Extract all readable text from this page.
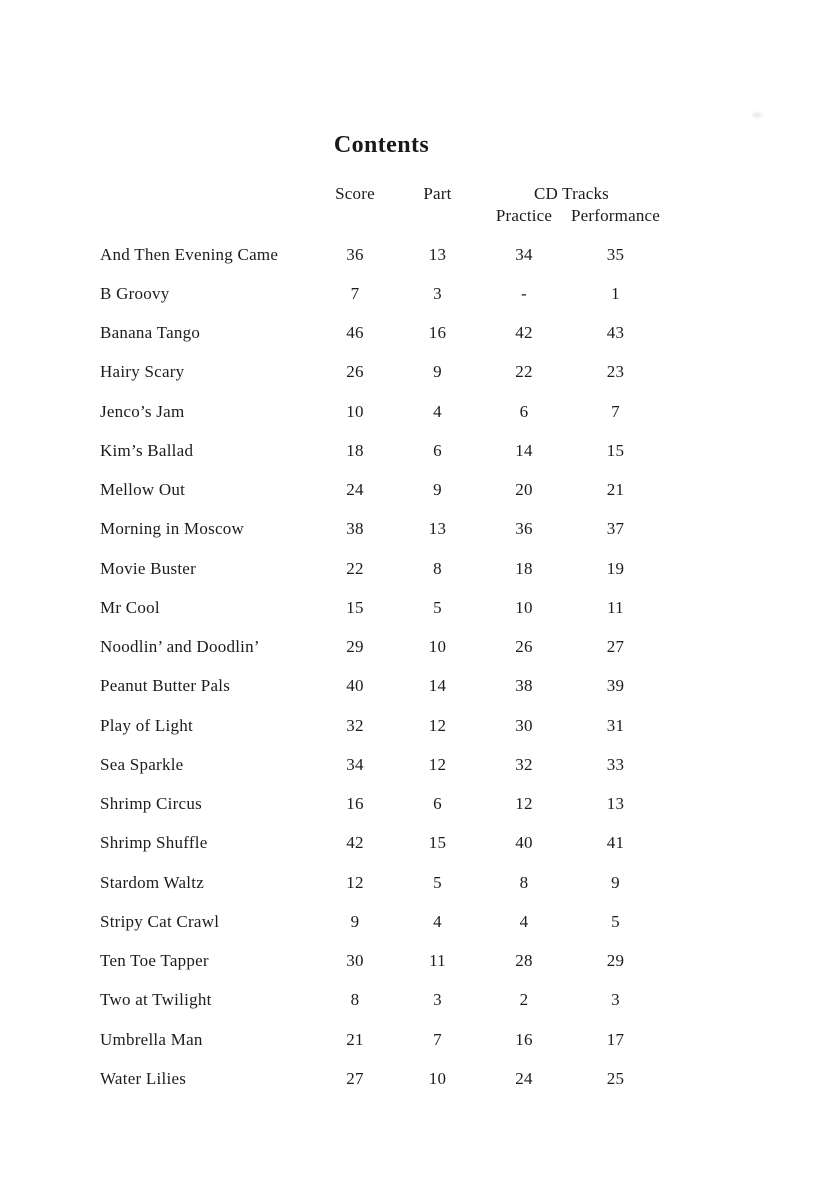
Contents
Score	Part	CD Tracks
Practice	Performance
And Then Evening Came	36	13	34	35
B Groovy	7	3	-	1
Banana Tango	46	16	42	43
Hairy Scary	26	9	22	23
Jenco’s Jam	10	4	6	7
Kim’s Ballad	18	6	14	15
Mellow Out	24	9	20	21
Morning in Moscow	38	13	36	37
Movie Buster	22	8	18	19
Mr Cool	15	5	10	11
Noodlin’ and Doodlin’	29	10	26	27
Peanut Butter Pals	40	14	38	39
Play of Light	32	12	30	31
Sea Sparkle	34	12	32	33
Shrimp Circus	16	6	12	13
Shrimp Shuffle	42	15	40	41
Stardom Waltz	12	5	8	9
Stripy Cat Crawl	9	4	4	5
Ten Toe Tapper	30	11	28	29
Two at Twilight	8	3	2	3
Umbrella Man	21	7	16	17
Water Lilies	27	10	24	25
